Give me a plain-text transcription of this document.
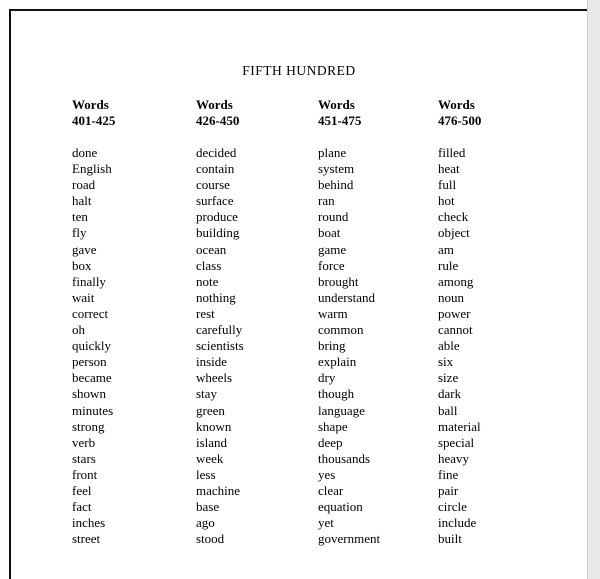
FIFTH HUNDRED
Words
401-425
done
English
road
halt
ten
fly
gave
box
finally
wait
correct
oh
quickly
person
became
shown
minutes
strong
verb
stars
front
feel
fact
inches
street
Words
426-450
decided
contain
course
surface
produce
building
ocean
class
note
nothing
rest
carefully
scientists
inside
wheels
stay
green
known
island
week
less
machine
base
ago
stood
Words
451-475
plane
system
behind
ran
round
boat
game
force
brought
understand
warm
common
bring
explain
dry
though
language
shape
deep
thousands
yes
clear
equation
yet
government
Words
476-500
filled
heat
full
hot
check
object
am
rule
among
noun
power
cannot
able
six
size
dark
ball
material
special
heavy
fine
pair
circle
include
built
